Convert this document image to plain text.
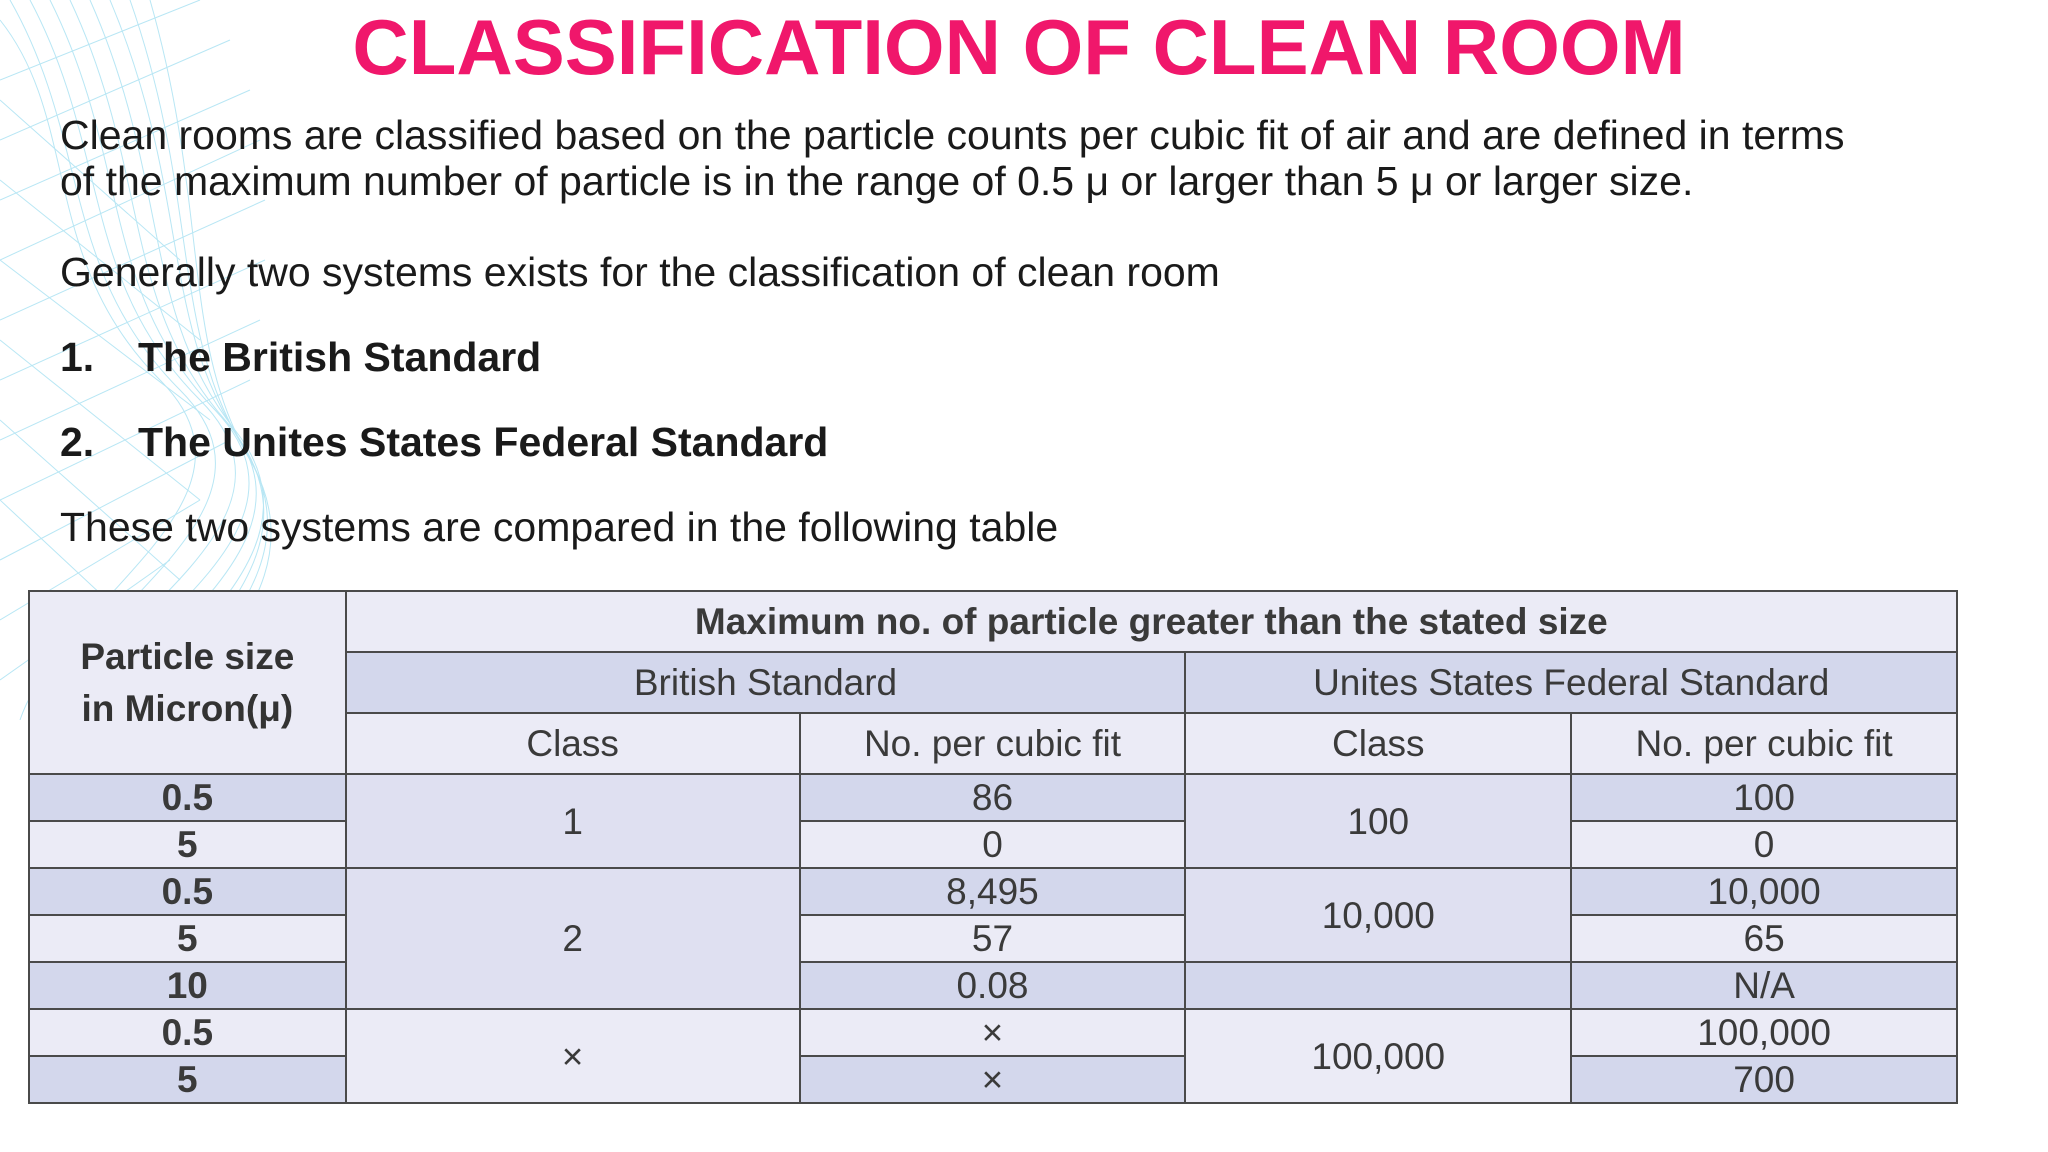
CLASSIFICATION OF CLEAN ROOM
Clean rooms are classified based on the particle counts per cubic fit of air and are defined in terms
of the maximum number of particle is in the range of 0.5 μ or larger than 5 μ or larger size.
Generally two systems exists for the classification of clean room
1. The British Standard
2. The Unites States Federal Standard
These two systems are compared in the following table
Particle size
in Micron(μ)	Maximum no. of particle greater than the stated size			
	British Standard		Unites States Federal Standard	
	Class	No. per cubic fit	Class	No. per cubic fit
0.5	1	86	100	100
5		0		0
0.5	2	8,495	10,000	10,000
5		57		65
10		0.08		N/A
0.5	×	×	100,000	100,000
5		×		700
